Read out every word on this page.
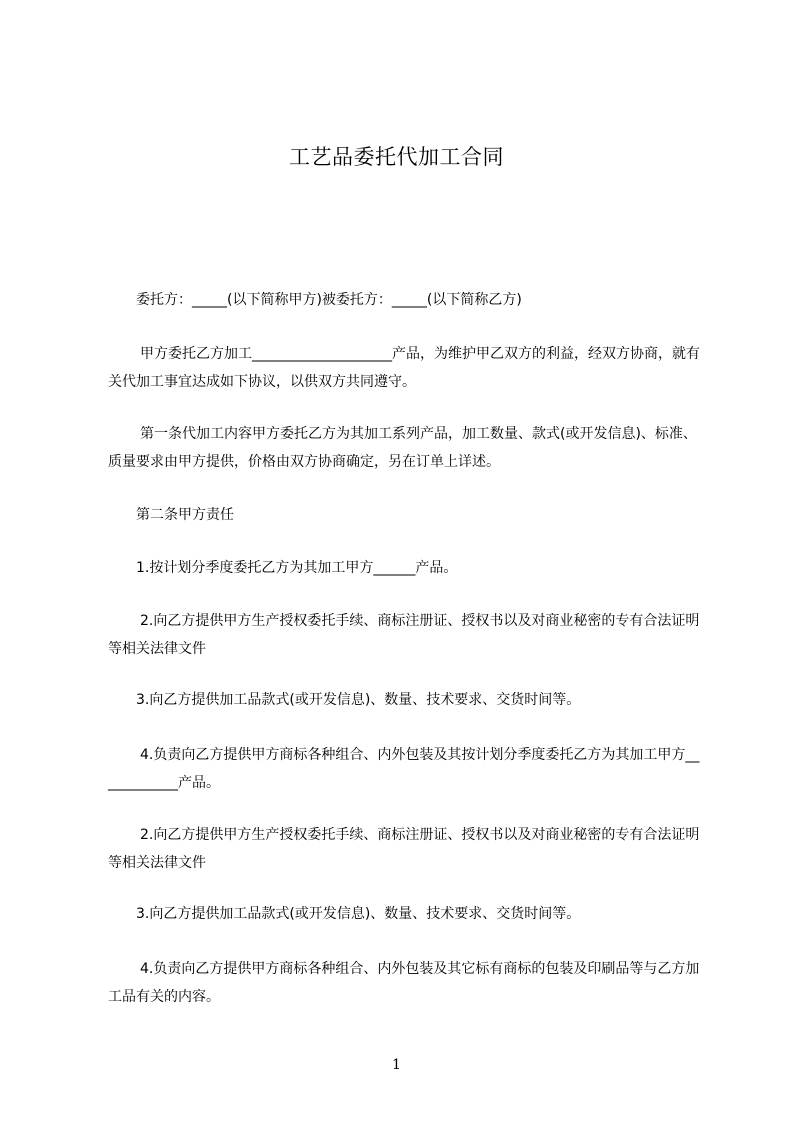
工艺品委托代加工合同
委托方：_____(以下简称甲方)被委托方：_____(以下简称乙方)
甲方委托乙方加工____________________产品，为维护甲乙双方的利益，经双方协商，就有关代加工事宜达成如下协议，以供双方共同遵守。
第一条代加工内容甲方委托乙方为其加工系列产品，加工数量、款式(或开发信息)、标准、质量要求由甲方提供，价格由双方协商确定，另在订单上详述。
第二条甲方责任
1.按计划分季度委托乙方为其加工甲方______产品。
2.向乙方提供甲方生产授权委托手续、商标注册证、授权书以及对商业秘密的专有合法证明等相关法律文件
3.向乙方提供加工品款式(或开发信息)、数量、技术要求、交货时间等。
4.负责向乙方提供甲方商标各种组合、内外包装及其按计划分季度委托乙方为其加工甲方____________产品。
2.向乙方提供甲方生产授权委托手续、商标注册证、授权书以及对商业秘密的专有合法证明等相关法律文件
3.向乙方提供加工品款式(或开发信息)、数量、技术要求、交货时间等。
4.负责向乙方提供甲方商标各种组合、内外包装及其它标有商标的包装及印刷品等与乙方加工品有关的内容。
1
